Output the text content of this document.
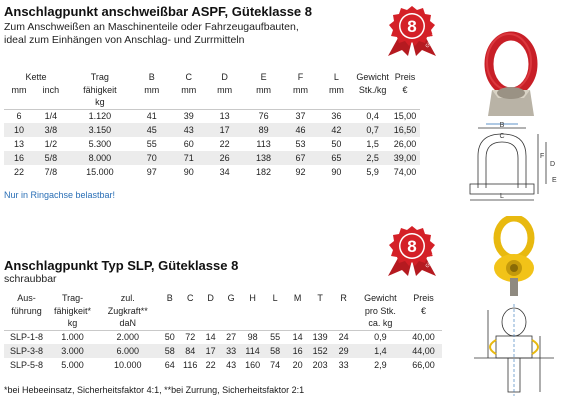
Anschlagpunkt anschweißbar ASPF, Güteklasse 8
Zum Anschweißen an Maschinenteile oder Fahrzeugaufbauten,
ideal zum Einhängen von Anschlag- und Zurrmitteln
8 Güteklasse
Kette		Trag	B	C	D	E	F	L	Gewicht	Preis
mm	inch	fähigkeit	mm	mm	mm	mm	mm	mm	Stk./kg	€
		kg								
6	1/4	1.120	41	39	13	76	37	36	0,4	15,00
10	3/8	3.150	45	43	17	89	46	42	0,7	16,50
13	1/2	5.300	55	60	22	113	53	50	1,5	26,00
16	5/8	8.000	70	71	26	138	67	65	2,5	39,00
22	7/8	15.000	97	90	34	182	92	90	5,9	74,00
Nur in Ringachse belastbar!
B
C
D
F
E
L
Anschlagpunkt Typ SLP, Güteklasse 8
schraubbar
8 Güteklasse
Aus-	Trag-	zul.	B	C	D	G	H	L	M	T	R	Gewicht	Preis
führung	fähigkeit*	Zugkraft**										pro Stk.	€
	kg	daN										ca. kg	
SLP-1-8	1.000	2.000	50	72	14	27	98	55	14	139	24	0,9	40,00
SLP-3-8	3.000	6.000	58	84	17	33	114	58	16	152	29	1,4	44,00
SLP-5-8	5.000	10.000	64	116	22	43	160	74	20	203	33	2,9	66,00
*bei Hebeeinsatz, Sicherheitsfaktor 4:1, **bei Zurrung, Sicherheitsfaktor 2:1
